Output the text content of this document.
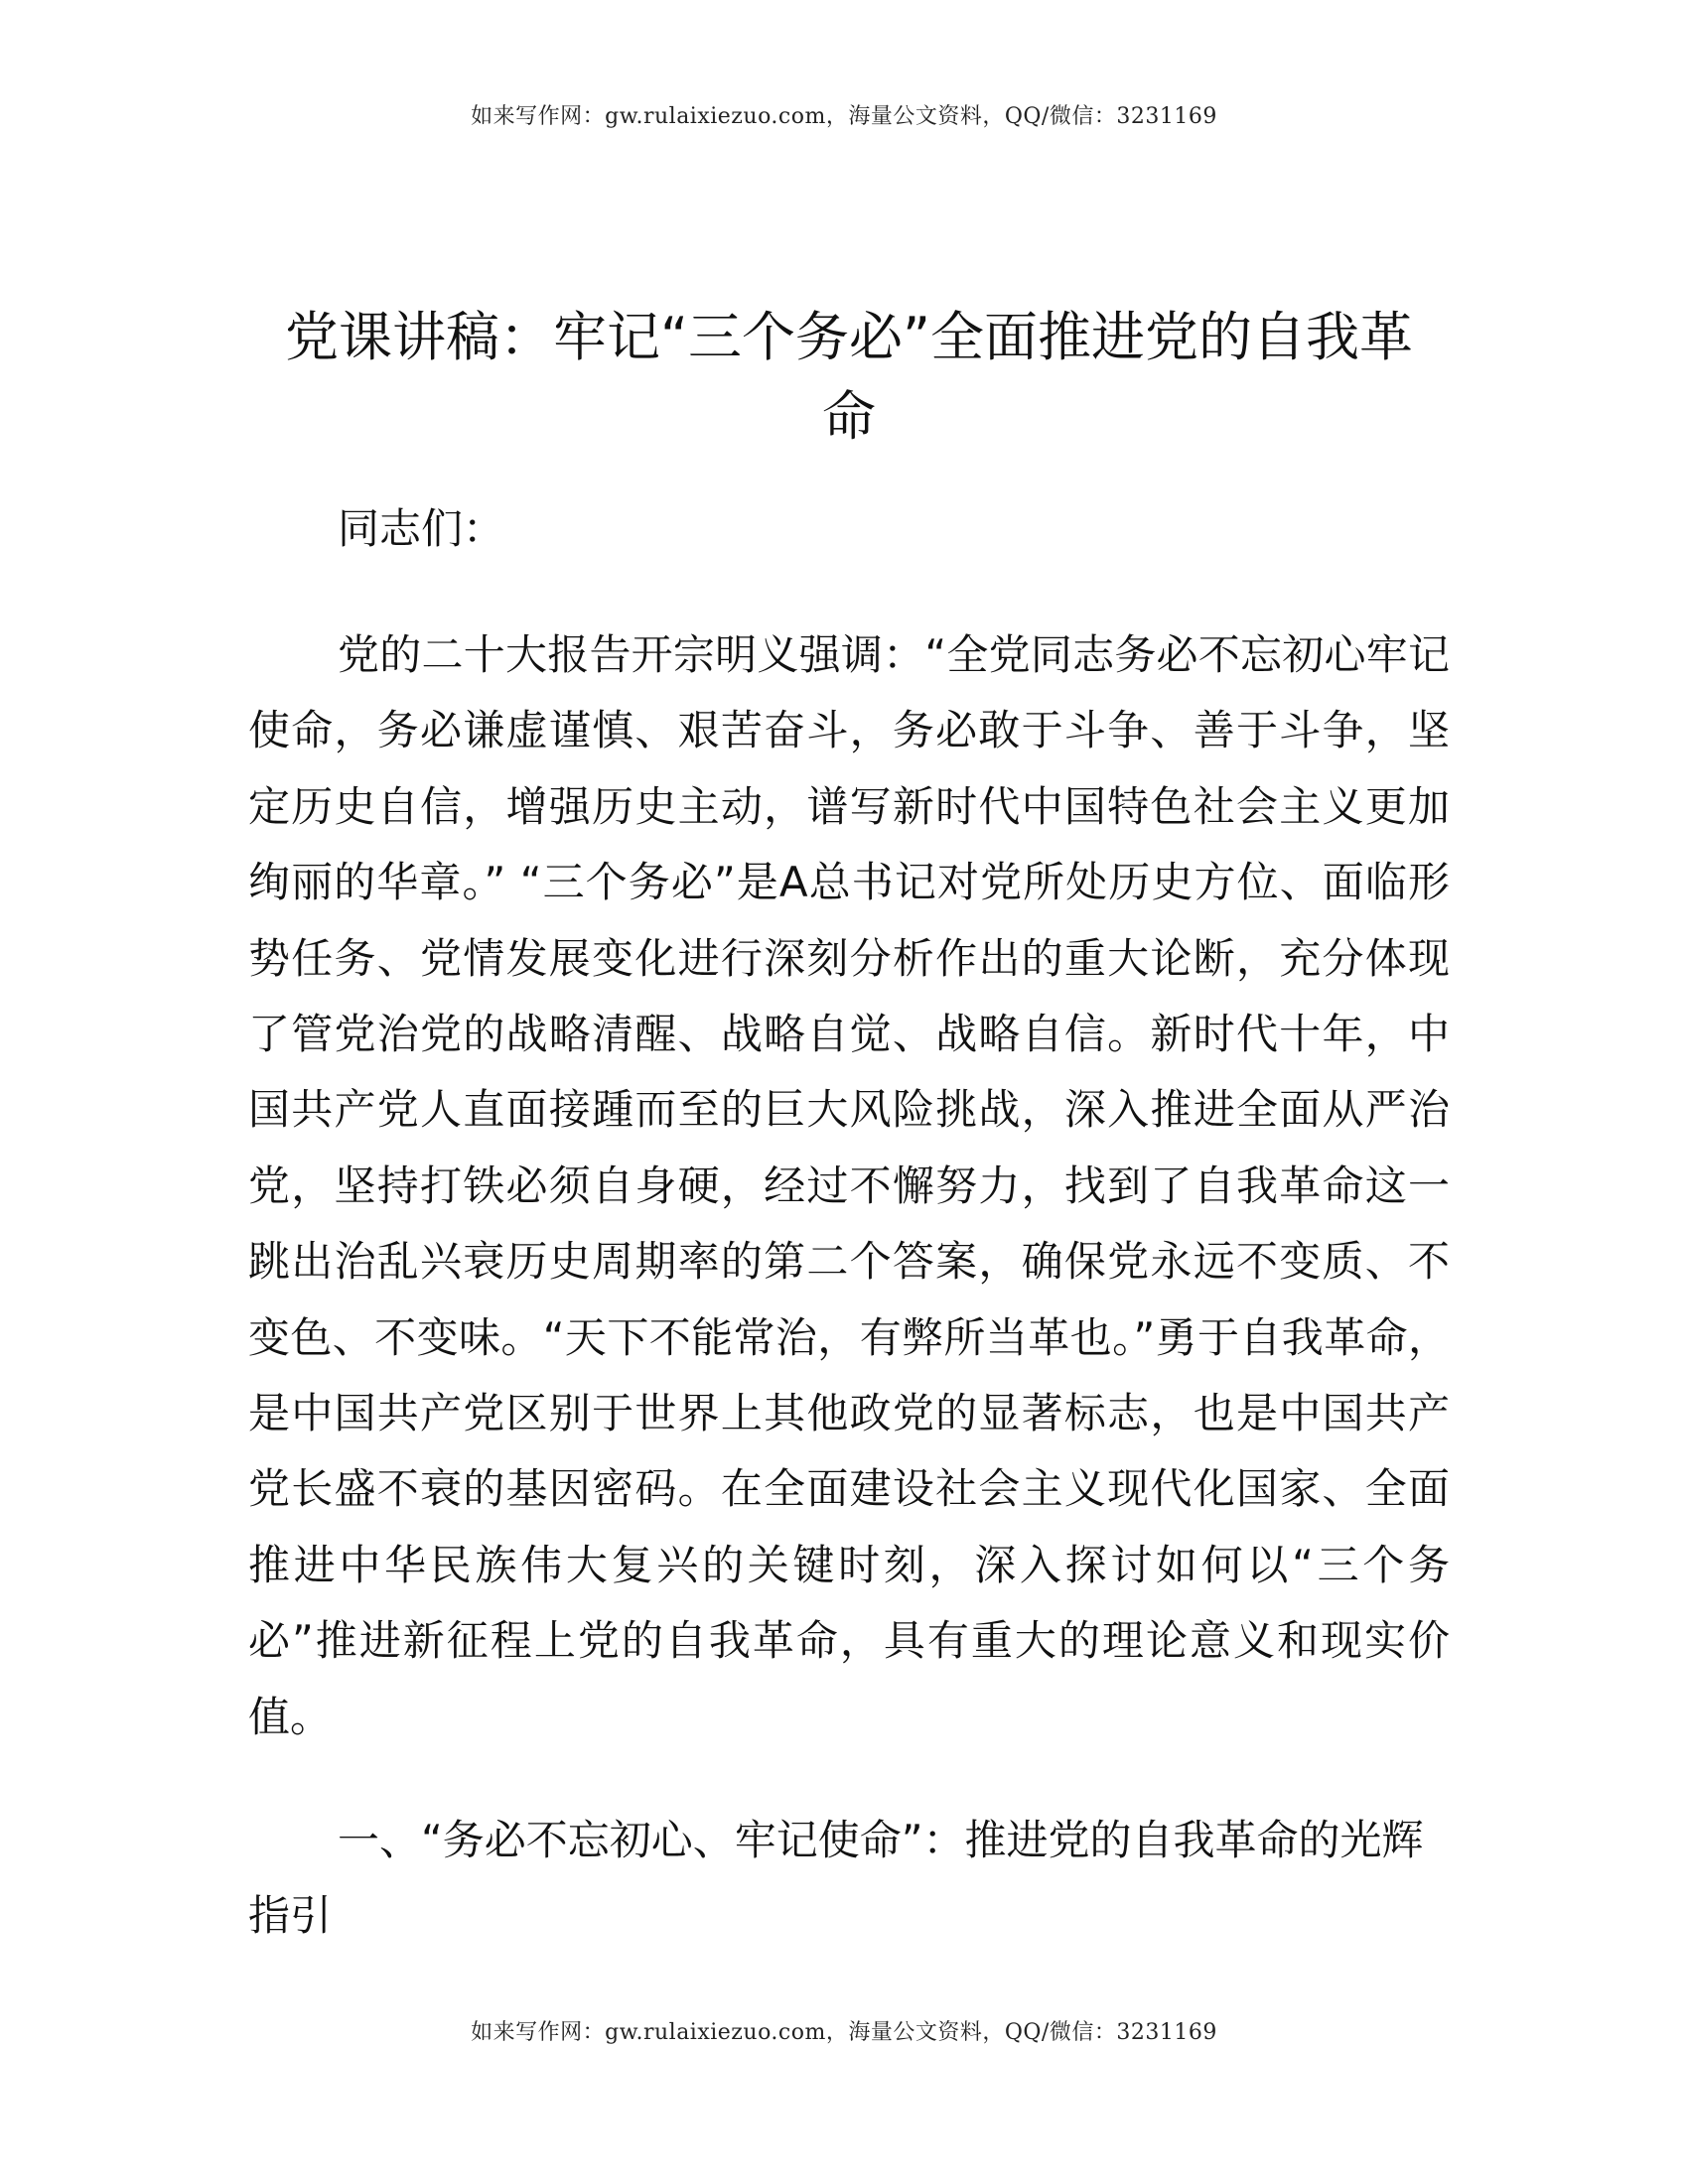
如来写作网：gw.rulaixiezuo.com，海量公文资料，QQ/微信：3231169
党课讲稿：牢记“三个务必”全面推进党的自我革命

同志们：

党的二十大报告开宗明义强调：“全党同志务必不忘初心牢记使命，务必谦虚谨慎、艰苦奋斗，务必敢于斗争、善于斗争，坚定历史自信，增强历史主动，谱写新时代中国特色社会主义更加绚丽的华章。” “三个务必”是A总书记对党所处历史方位、面临形势任务、党情发展变化进行深刻分析作出的重大论断，充分体现了管党治党的战略清醒、战略自觉、战略自信。新时代十年，中国共产党人直面接踵而至的巨大风险挑战，深入推进全面从严治党，坚持打铁必须自身硬，经过不懈努力，找到了自我革命这一跳出治乱兴衰历史周期率的第二个答案，确保党永远不变质、不变色、不变味。“天下不能常治，有弊所当革也。”勇于自我革命，是中国共产党区别于世界上其他政党的显著标志，也是中国共产党长盛不衰的基因密码。在全面建设社会主义现代化国家、全面推进中华民族伟大复兴的关键时刻，深入探讨如何以“三个务必”推进新征程上党的自我革命，具有重大的理论意义和现实价值。

一、“务必不忘初心、牢记使命”：推进党的自我革命的光辉指引

如来写作网：gw.rulaixiezuo.com，海量公文资料，QQ/微信：3231169
